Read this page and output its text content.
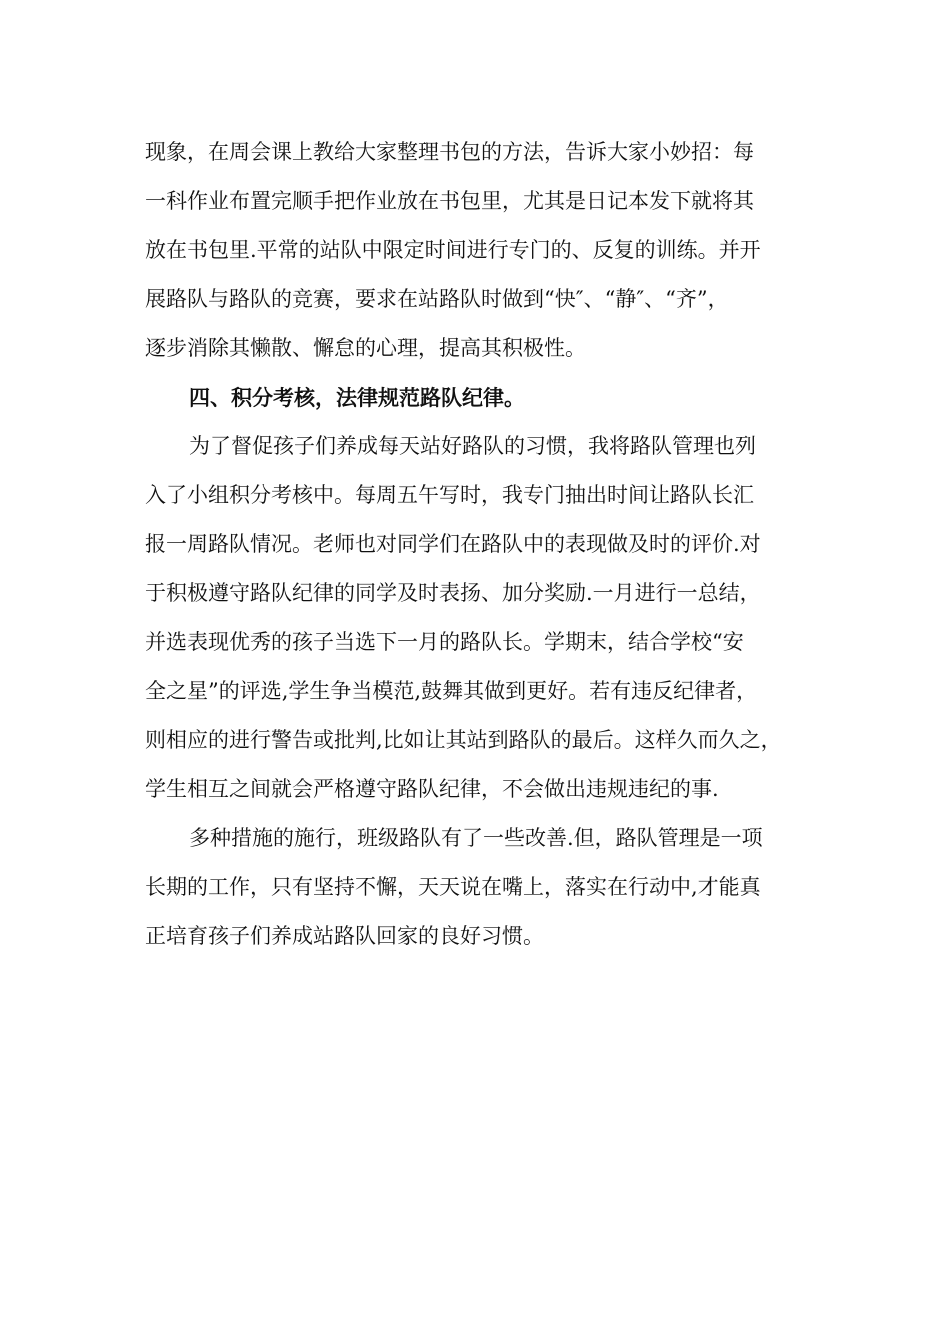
现象，在周会课上教给大家整理书包的方法，告诉大家小妙招：每
一科作业布置完顺手把作业放在书包里，尤其是日记本发下就将其
放在书包里.平常的站队中限定时间进行专门的、反复的训练。并开
展路队与路队的竞赛，要求在站路队时做到“快″、“静″、“齐”，
逐步消除其懒散、懈怠的心理，提高其积极性。
四、积分考核，法律规范路队纪律。
为了督促孩子们养成每天站好路队的习惯，我将路队管理也列
入了小组积分考核中。每周五午写时，我专门抽出时间让路队长汇
报一周路队情况。老师也对同学们在路队中的表现做及时的评价.对
于积极遵守路队纪律的同学及时表扬、加分奖励.一月进行一总结，
并选表现优秀的孩子当选下一月的路队长。学期末，结合学校“安
全之星”的评选,学生争当模范,鼓舞其做到更好。若有违反纪律者，
则相应的进行警告或批判,比如让其站到路队的最后。这样久而久之，
学生相互之间就会严格遵守路队纪律，不会做出违规违纪的事.
多种措施的施行，班级路队有了一些改善.但，路队管理是一项
长期的工作，只有坚持不懈，天天说在嘴上，落实在行动中,才能真
正培育孩子们养成站路队回家的良好习惯。
